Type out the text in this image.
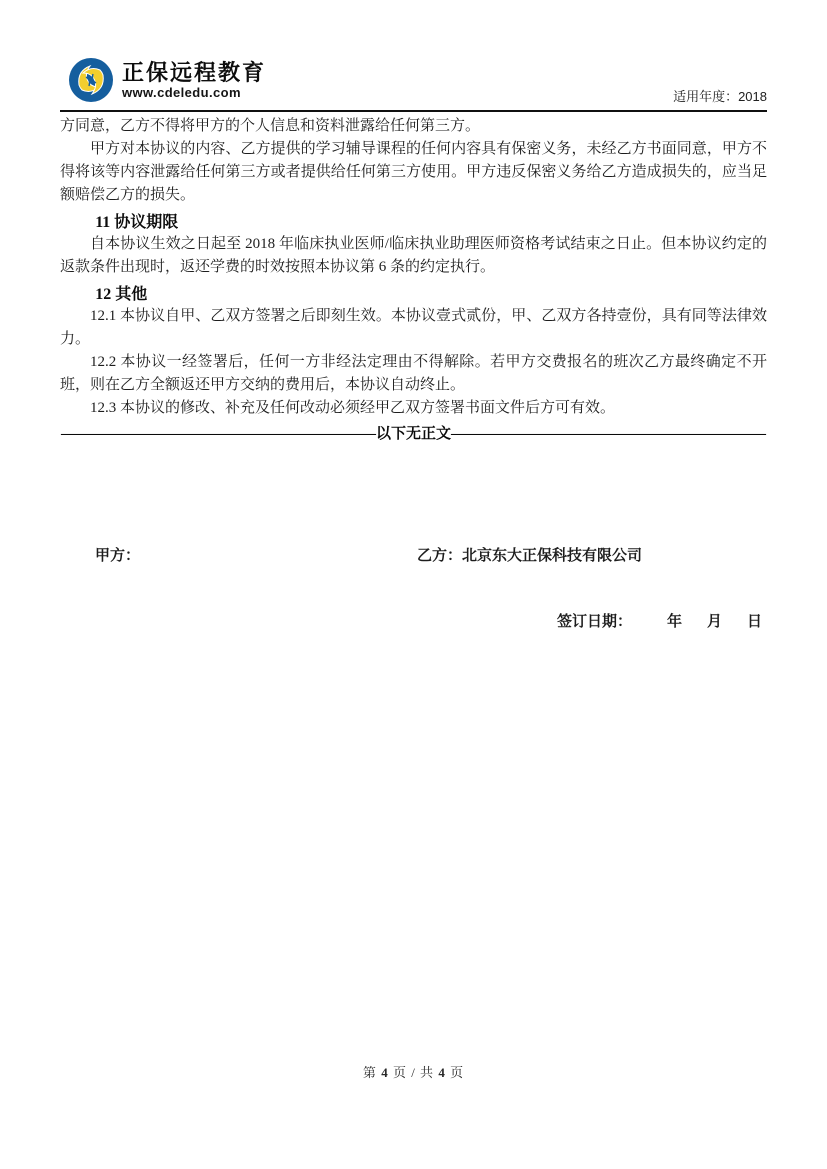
正保远程教育
www.cdeledu.com	适用年度：2018

方同意，乙方不得将甲方的个人信息和资料泄露给任何第三方。

甲方对本协议的内容、乙方提供的学习辅导课程的任何内容具有保密义务，未经乙方书面同意，甲方不得将该等内容泄露给任何第三方或者提供给任何第三方使用。甲方违反保密义务给乙方造成损失的，应当足额赔偿乙方的损失。

11 协议期限

自本协议生效之日起至 2018 年临床执业医师/临床执业助理医师资格考试结束之日止。但本协议约定的返款条件出现时，返还学费的时效按照本协议第 6 条的约定执行。

12 其他

12.1 本协议自甲、乙双方签署之后即刻生效。本协议壹式贰份，甲、乙双方各持壹份，具有同等法律效力。

12.2 本协议一经签署后，任何一方非经法定理由不得解除。若甲方交费报名的班次乙方最终确定不开班，则在乙方全额返还甲方交纳的费用后，本协议自动终止。

12.3 本协议的修改、补充及任何改动必须经甲乙双方签署书面文件后方可有效。

—————————————————————以下无正文—————————————————————
甲方：	乙方：北京东大正保科技有限公司
签订日期： 年 月 日
第 4 页 / 共 4 页
